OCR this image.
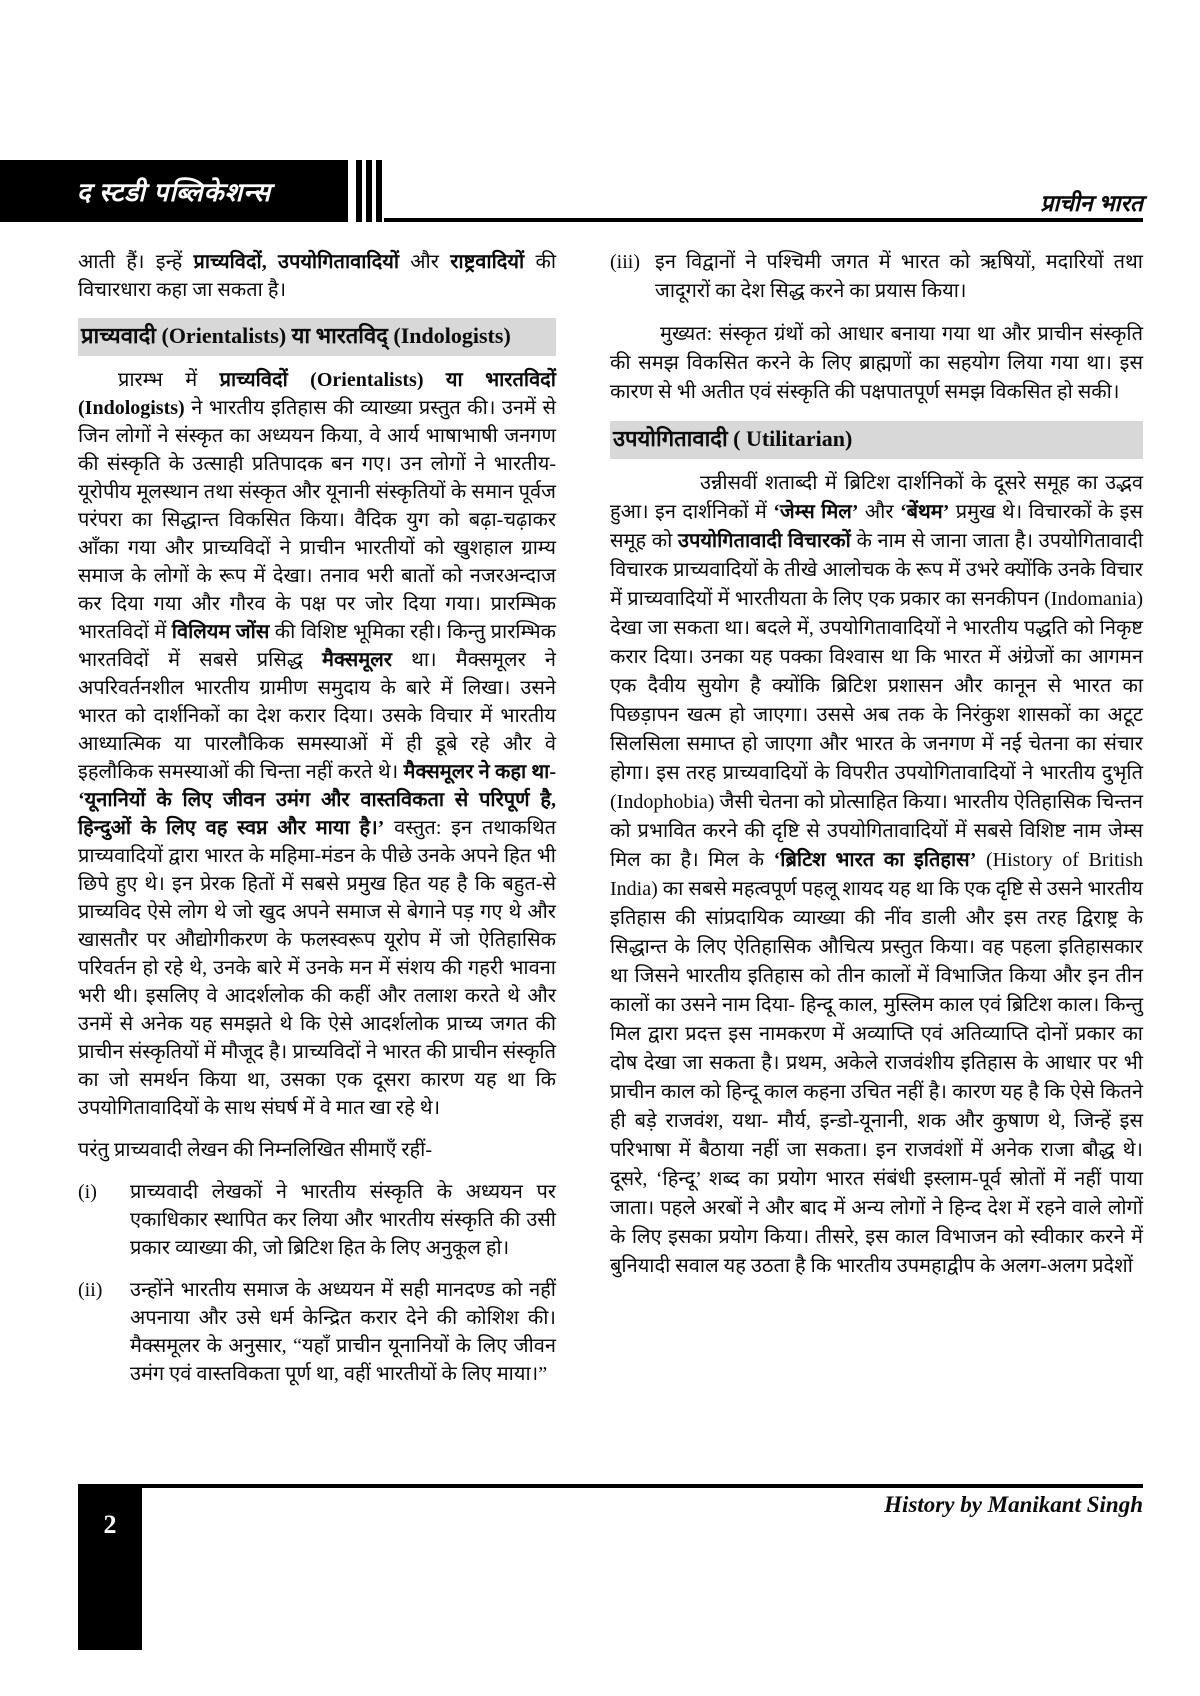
द स्टडी पब्लिकेशन्स	प्राचीन भारत

आती हैं। इन्हें प्राच्यविदों, उपयोगितावादियों और राष्ट्रवादियों की विचारधारा कहा जा सकता है।

प्राच्यवादी (Orientalists) या भारतविद् (Indologists)

प्रारम्भ में प्राच्यविदों (Orientalists) या भारतविदों (Indologists) ने भारतीय इतिहास की व्याख्या प्रस्तुत की। उनमें से जिन लोगों ने संस्कृत का अध्ययन किया, वे आर्य भाषाभाषी जनगण की संस्कृति के उत्साही प्रतिपादक बन गए। उन लोगों ने भारतीय-यूरोपीय मूलस्थान तथा संस्कृत और यूनानी संस्कृतियों के समान पूर्वज परंपरा का सिद्धान्त विकसित किया। वैदिक युग को बढ़ा-चढ़ाकर आँका गया और प्राच्यविदों ने प्राचीन भारतीयों को खुशहाल ग्राम्य समाज के लोगों के रूप में देखा। तनाव भरी बातों को नजरअन्दाज कर दिया गया और गौरव के पक्ष पर जोर दिया गया। प्रारम्भिक भारतविदों में विलियम जोंस की विशिष्ट भूमिका रही। किन्तु प्रारम्भिक भारतविदों में सबसे प्रसिद्ध मैक्समूलर था। मैक्समूलर ने अपरिवर्तनशील भारतीय ग्रामीण समुदाय के बारे में लिखा। उसने भारत को दार्शनिकों का देश करार दिया। उसके विचार में भारतीय आध्यात्मिक या पारलौकिक समस्याओं में ही डूबे रहे और वे इहलौकिक समस्याओं की चिन्ता नहीं करते थे। मैक्समूलर ने कहा था- ‘यूनानियों के लिए जीवन उमंग और वास्तविकता से परिपूर्ण है, हिन्दुओं के लिए वह स्वप्न और माया है।’ वस्तुत: इन तथाकथित प्राच्यवादियों द्वारा भारत के महिमा-मंडन के पीछे उनके अपने हित भी छिपे हुए थे। इन प्रेरक हितों में सबसे प्रमुख हित यह है कि बहुत-से प्राच्यविद ऐसे लोग थे जो खुद अपने समाज से बेगाने पड़ गए थे और खासतौर पर औद्योगीकरण के फलस्वरूप यूरोप में जो ऐतिहासिक परिवर्तन हो रहे थे, उनके बारे में उनके मन में संशय की गहरी भावना भरी थी। इसलिए वे आदर्शलोक की कहीं और तलाश करते थे और उनमें से अनेक यह समझते थे कि ऐसे आदर्शलोक प्राच्य जगत की प्राचीन संस्कृतियों में मौजूद है। प्राच्यविदों ने भारत की प्राचीन संस्कृति का जो समर्थन किया था, उसका एक दूसरा कारण यह था कि उपयोगितावादियों के साथ संघर्ष में वे मात खा रहे थे।

परंतु प्राच्यवादी लेखन की निम्नलिखित सीमाएँ रहीं-

(i)	प्राच्यवादी लेखकों ने भारतीय संस्कृति के अध्ययन पर एकाधिकार स्थापित कर लिया और भारतीय संस्कृति की उसी प्रकार व्याख्या की, जो ब्रिटिश हित के लिए अनुकूल हो।
(ii)	उन्होंने भारतीय समाज के अध्ययन में सही मानदण्ड को नहीं अपनाया और उसे धर्म केन्द्रित करार देने की कोशिश की। मैक्समूलर के अनुसार, “यहाँ प्राचीन यूनानियों के लिए जीवन उमंग एवं वास्तविकता पूर्ण था, वहीं भारतीयों के लिए माया।”
(iii) इन विद्वानों ने पश्चिमी जगत में भारत को ऋषियों, मदारियों तथा जादूगरों का देश सिद्ध करने का प्रयास किया।

मुख्यत: संस्कृत ग्रंथों को आधार बनाया गया था और प्राचीन संस्कृति की समझ विकसित करने के लिए ब्राह्मणों का सहयोग लिया गया था। इस कारण से भी अतीत एवं संस्कृति की पक्षपातपूर्ण समझ विकसित हो सकी।

उपयोगितावादी ( Utilitarian)

उन्नीसवीं शताब्दी में ब्रिटिश दार्शनिकों के दूसरे समूह का उद्भव हुआ। इन दार्शनिकों में ‘जेम्स मिल’ और ‘बेंथम’ प्रमुख थे। विचारकों के इस समूह को उपयोगितावादी विचारकों के नाम से जाना जाता है। उपयोगितावादी विचारक प्राच्यवादियों के तीखे आलोचक के रूप में उभरे क्योंकि उनके विचार में प्राच्यवादियों में भारतीयता के लिए एक प्रकार का सनकीपन (Indomania) देखा जा सकता था। बदले में, उपयोगितावादियों ने भारतीय पद्धति को निकृष्ट करार दिया। उनका यह पक्का विश्वास था कि भारत में अंग्रेजों का आगमन एक दैवीय सुयोग है क्योंकि ब्रिटिश प्रशासन और कानून से भारत का पिछड़ापन खत्म हो जाएगा। उससे अब तक के निरंकुश शासकों का अटूट सिलसिला समाप्त हो जाएगा और भारत के जनगण में नई चेतना का संचार होगा। इस तरह प्राच्यवादियों के विपरीत उपयोगितावादियों ने भारतीय दुभृति (Indophobia) जैसी चेतना को प्रोत्साहित किया। भारतीय ऐतिहासिक चिन्तन को प्रभावित करने की दृष्टि से उपयोगितावादियों में सबसे विशिष्ट नाम जेम्स मिल का है। मिल के ‘ब्रिटिश भारत का इतिहास’ (History of British India) का सबसे महत्वपूर्ण पहलू शायद यह था कि एक दृष्टि से उसने भारतीय इतिहास की सांप्रदायिक व्याख्या की नींव डाली और इस तरह द्विराष्ट्र के सिद्धान्त के लिए ऐतिहासिक औचित्य प्रस्तुत किया। वह पहला इतिहासकार था जिसने भारतीय इतिहास को तीन कालों में विभाजित किया और इन तीन कालों का उसने नाम दिया- हिन्दू काल, मुस्लिम काल एवं ब्रिटिश काल। किन्तु मिल द्वारा प्रदत्त इस नामकरण में अव्याप्ति एवं अतिव्याप्ति दोनों प्रकार का दोष देखा जा सकता है। प्रथम, अकेले राजवंशीय इतिहास के आधार पर भी प्राचीन काल को हिन्दू काल कहना उचित नहीं है। कारण यह है कि ऐसे कितने ही बड़े राजवंश, यथा- मौर्य, इन्डो-यूनानी, शक और कुषाण थे, जिन्हें इस परिभाषा में बैठाया नहीं जा सकता। इन राजवंशों में अनेक राजा बौद्ध थे। दूसरे, ‘हिन्दू’ शब्द का प्रयोग भारत संबंधी इस्लाम-पूर्व स्रोतों में नहीं पाया जाता। पहले अरबों ने और बाद में अन्य लोगों ने हिन्द देश में रहने वाले लोगों के लिए इसका प्रयोग किया। तीसरे, इस काल विभाजन को स्वीकार करने में बुनियादी सवाल यह उठता है कि भारतीय उपमहाद्वीप के अलग-अलग प्रदेशों

2
History by Manikant Singh
